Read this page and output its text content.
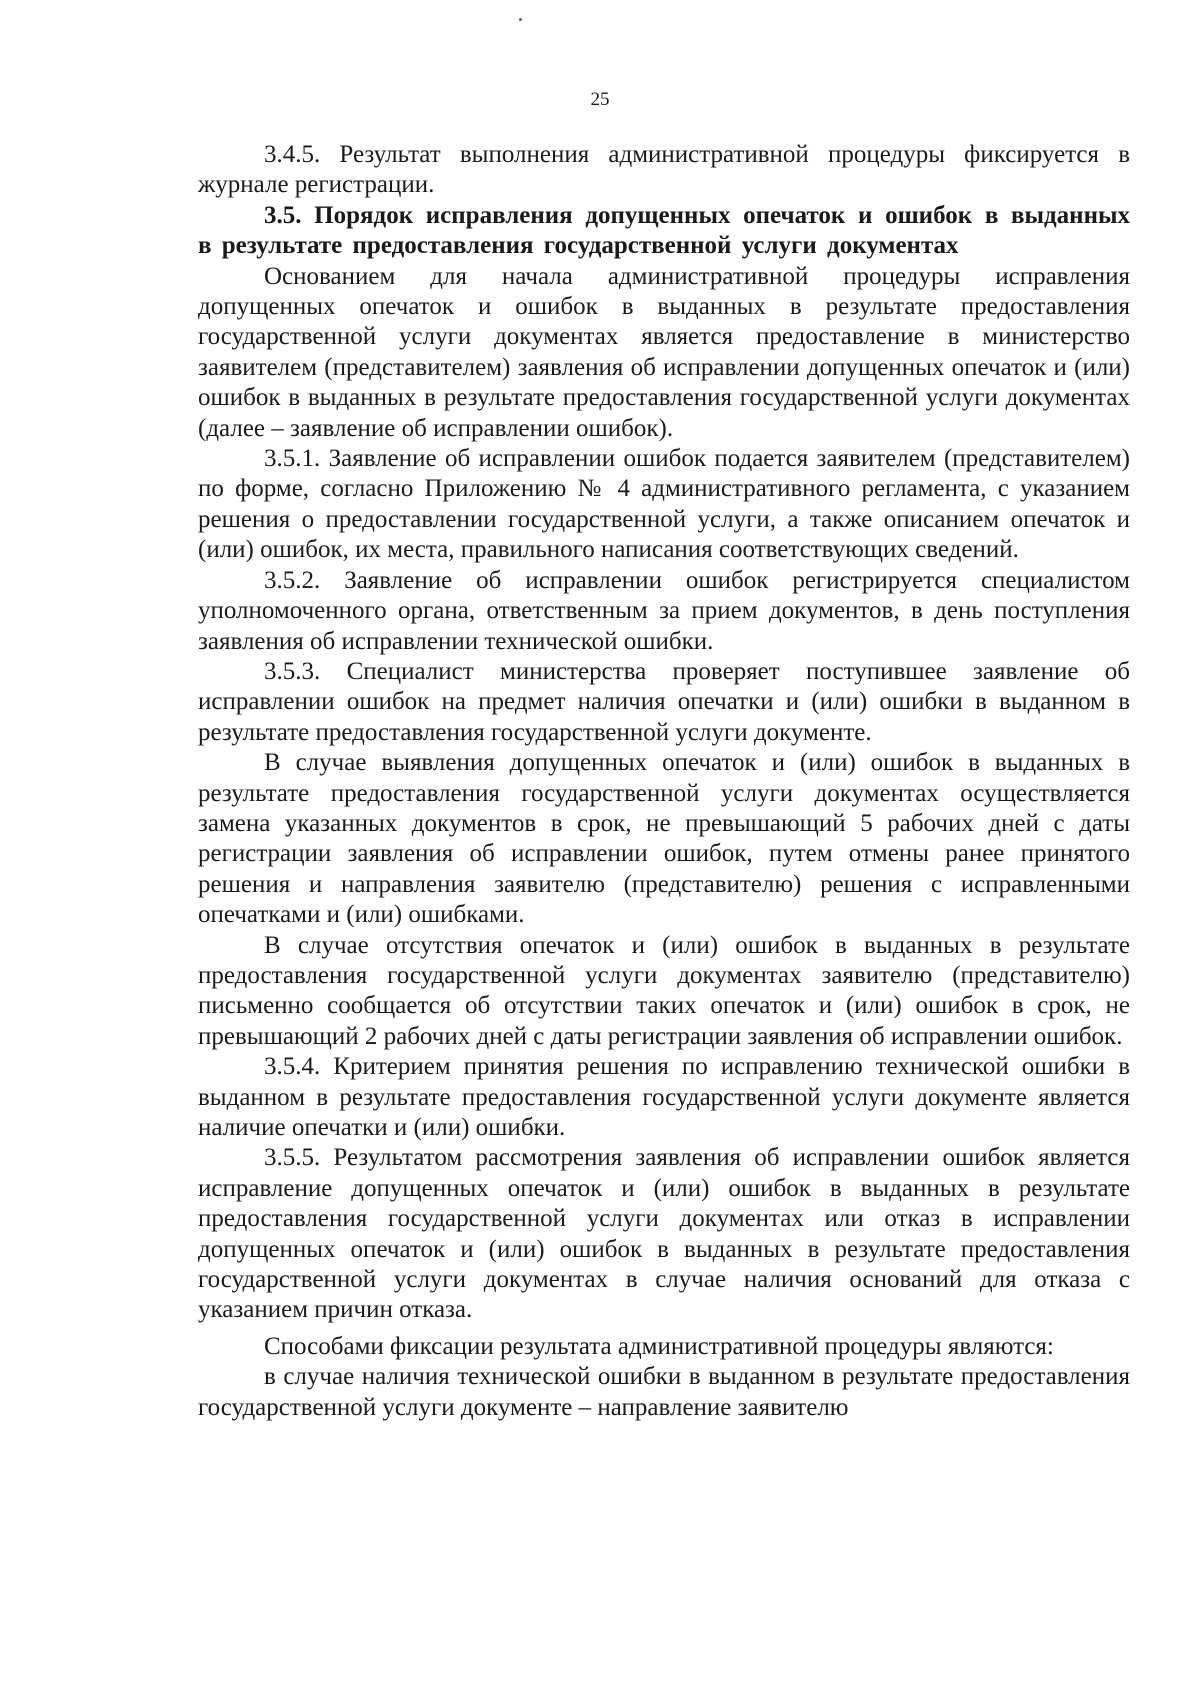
25

3.4.5. Результат выполнения административной процедуры фиксируется в журнале регистрации.

3.5. Порядок исправления допущенных опечаток и ошибок в выданных в результате предоставления государственной услуги документах

Основанием для начала административной процедуры исправления допущенных опечаток и ошибок в выданных в результате предоставления государственной услуги документах является предоставление в министерство заявителем (представителем) заявления об исправлении допущенных опечаток и (или) ошибок в выданных в результате предоставления государственной услуги документах (далее – заявление об исправлении ошибок).

3.5.1. Заявление об исправлении ошибок подается заявителем (представителем) по форме, согласно Приложению № 4 административного регламента, с указанием решения о предоставлении государственной услуги, а также описанием опечаток и (или) ошибок, их места, правильного написания соответствующих сведений.

3.5.2. Заявление об исправлении ошибок регистрируется специалистом уполномоченного органа, ответственным за прием документов, в день поступления заявления об исправлении технической ошибки.

3.5.3. Специалист министерства проверяет поступившее заявление об исправлении ошибок на предмет наличия опечатки и (или) ошибки в выданном в результате предоставления государственной услуги документе.

В случае выявления допущенных опечаток и (или) ошибок в выданных в результате предоставления государственной услуги документах осуществляется замена указанных документов в срок, не превышающий 5 рабочих дней с даты регистрации заявления об исправлении ошибок, путем отмены ранее принятого решения и направления заявителю (представителю) решения с исправленными опечатками и (или) ошибками.

В случае отсутствия опечаток и (или) ошибок в выданных в результате предоставления государственной услуги документах заявителю (представителю) письменно сообщается об отсутствии таких опечаток и (или) ошибок в срок, не превышающий 2 рабочих дней с даты регистрации заявления об исправлении ошибок.

3.5.4. Критерием принятия решения по исправлению технической ошибки в выданном в результате предоставления государственной услуги документе является наличие опечатки и (или) ошибки.

3.5.5. Результатом рассмотрения заявления об исправлении ошибок является исправление допущенных опечаток и (или) ошибок в выданных в результате предоставления государственной услуги документах или отказ в исправлении допущенных опечаток и (или) ошибок в выданных в результате предоставления государственной услуги документах в случае наличия оснований для отказа с указанием причин отказа.

Способами фиксации результата административной процедуры являются:

в случае наличия технической ошибки в выданном в результате предоставления государственной услуги документе – направление заявителю
